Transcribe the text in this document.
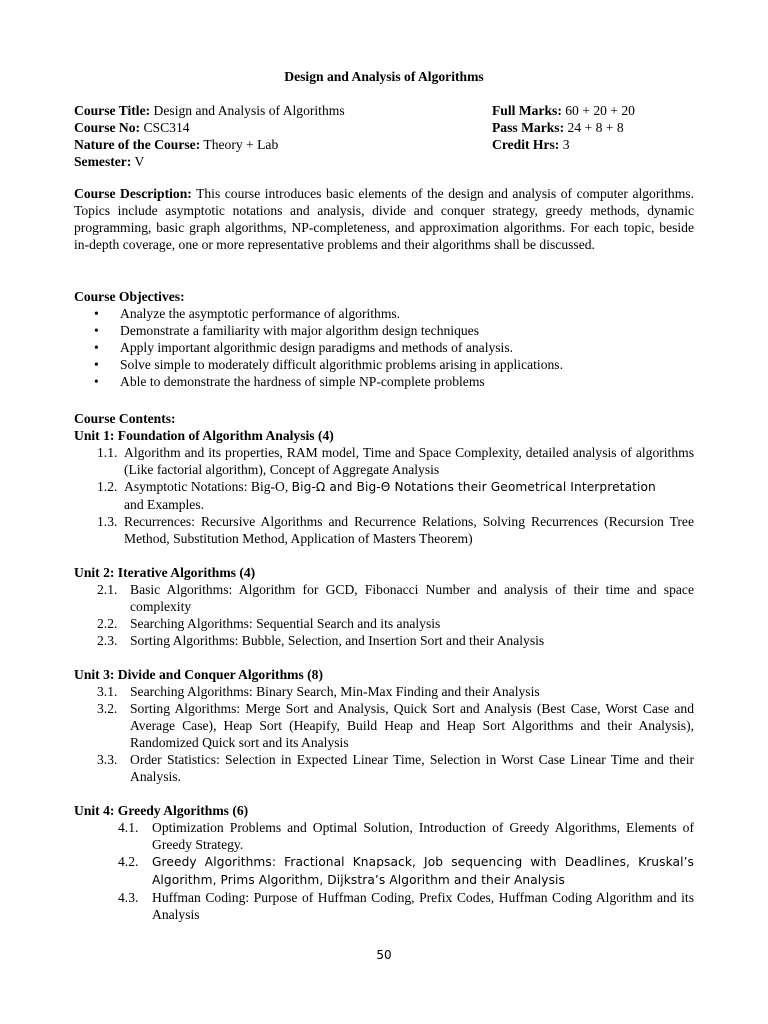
Design and Analysis of Algorithms
Course Title: Design and Analysis of Algorithms	Full Marks: 60 + 20 + 20
Course No: CSC314	Pass Marks: 24 + 8 + 8
Nature of the Course: Theory + Lab	Credit Hrs: 3
Semester: V
Course Description: This course introduces basic elements of the design and analysis of computer algorithms. Topics include asymptotic notations and analysis, divide and conquer strategy, greedy methods, dynamic programming, basic graph algorithms, NP-completeness, and approximation algorithms. For each topic, beside in-depth coverage, one or more representative problems and their algorithms shall be discussed.
Course Objectives:
• Analyze the asymptotic performance of algorithms.
• Demonstrate a familiarity with major algorithm design techniques
• Apply important algorithmic design paradigms and methods of analysis.
• Solve simple to moderately difficult algorithmic problems arising in applications.
• Able to demonstrate the hardness of simple NP-complete problems
Course Contents:
Unit 1: Foundation of Algorithm Analysis (4)
1.1. Algorithm and its properties, RAM model, Time and Space Complexity, detailed analysis of algorithms (Like factorial algorithm), Concept of Aggregate Analysis
1.2. Asymptotic Notations: Big-O, Big-Ω and Big-Θ Notations their Geometrical Interpretation
and Examples.
1.3. Recurrences: Recursive Algorithms and Recurrence Relations, Solving Recurrences (Recursion Tree Method, Substitution Method, Application of Masters Theorem)
Unit 2: Iterative Algorithms (4)
2.1. Basic Algorithms: Algorithm for GCD, Fibonacci Number and analysis of their time and space complexity
2.2. Searching Algorithms: Sequential Search and its analysis
2.3. Sorting Algorithms: Bubble, Selection, and Insertion Sort and their Analysis
Unit 3: Divide and Conquer Algorithms (8)
3.1. Searching Algorithms: Binary Search, Min-Max Finding and their Analysis
3.2. Sorting Algorithms: Merge Sort and Analysis, Quick Sort and Analysis (Best Case, Worst Case and Average Case), Heap Sort (Heapify, Build Heap and Heap Sort Algorithms and their Analysis), Randomized Quick sort and its Analysis
3.3. Order Statistics: Selection in Expected Linear Time, Selection in Worst Case Linear Time and their Analysis.
Unit 4: Greedy Algorithms (6)
4.1. Optimization Problems and Optimal Solution, Introduction of Greedy Algorithms, Elements of Greedy Strategy.
4.2. Greedy Algorithms: Fractional Knapsack, Job sequencing with Deadlines, Kruskal’s Algorithm, Prims Algorithm, Dijkstra’s Algorithm and their Analysis
4.3. Huffman Coding: Purpose of Huffman Coding, Prefix Codes, Huffman Coding Algorithm and its Analysis
50
